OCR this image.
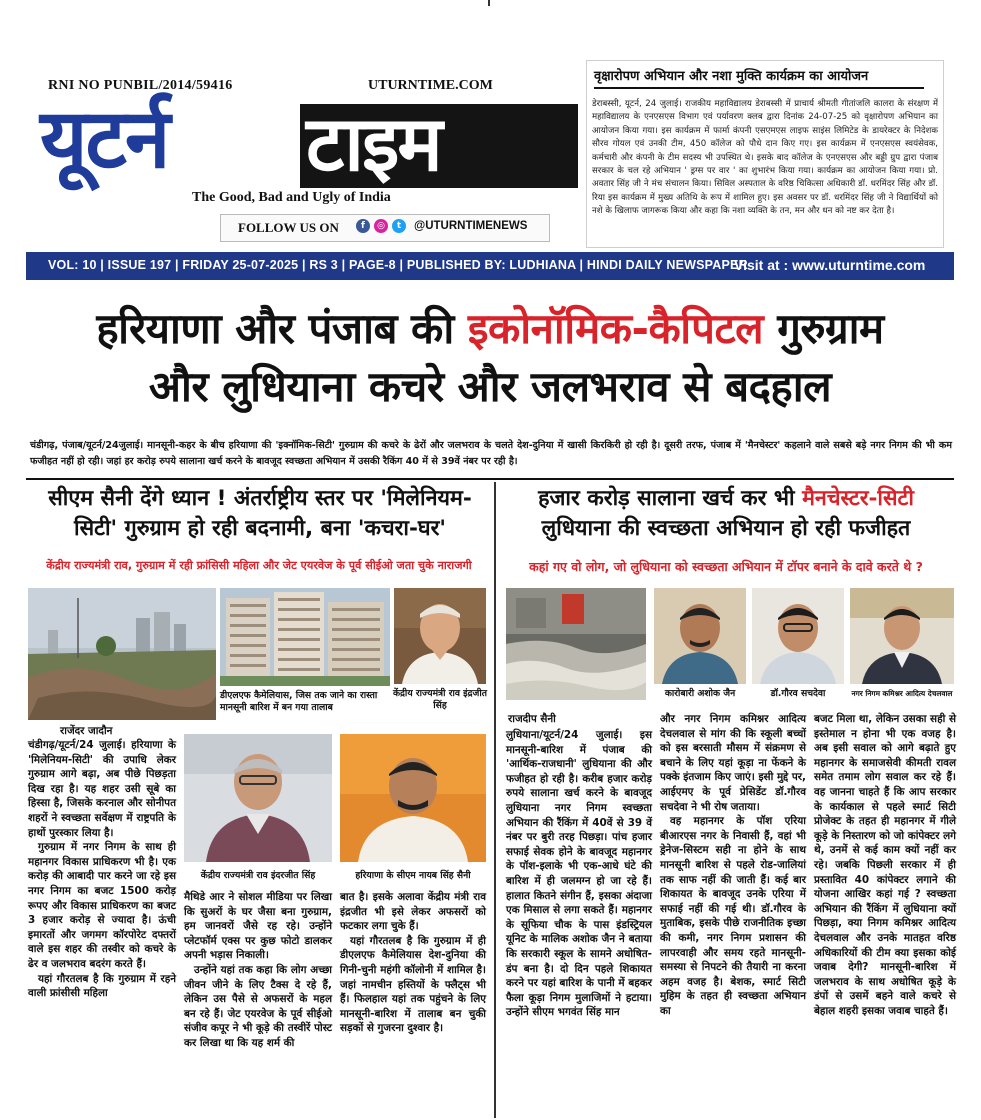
RNI NO PUNBIL/2014/59416	UTURNTIME.COM
यूटर्न टाइम
The Good, Bad and Ugly of India
FOLLOW US ON	f	◎	t	@UTURNTIMENEWS
वृक्षारोपण अभियान और नशा मुक्ति कार्यक्रम का आयोजन
डेराबस्सी, यूटर्न, 24 जुलाई। राजकीय महाविद्यालय डेराबस्सी में प्राचार्य श्रीमती गीतांजलि कालरा के संरक्षण में महाविद्यालय के एनएसएस विभाग एवं पर्यावरण क्लब द्वारा दिनांक 24-07-25 को वृक्षारोपण अभियान का आयोजन किया गया। इस कार्यक्रम में फार्मा कंपनी एसएमएस लाइफ साइंस लिमिटेड के डायरेक्टर के निदेशक सौरव गोयल एवं उनकी टीम, 450 कॉलेज को पौधे दान किए गए। इस कार्यक्रम में एनएसएस स्वयंसेवक, कर्मचारी और कंपनी के टीम सदस्य भी उपस्थित थे। इसके बाद कॉलेज के एनएसएस और बड्डी ग्रुप द्वारा पंजाब सरकार के चल रहे अभियान ' ड्रग्स पर वार ' का शुभारंभ किया गया। कार्यक्रम का आयोजन किया गया। प्रो. अवतार सिंह जी ने मंच संचालन किया। सिविल अस्पताल के वरिष्ठ चिकित्सा अधिकारी डॉ. धरमिंदर सिंह और डॉ. रिया इस कार्यक्रम में मुख्य अतिथि के रूप में शामिल हुए। इस अवसर पर डॉ. धरमिंदर सिंह जी ने विद्यार्थियों को नशे के खिलाफ जागरूक किया और कहा कि नशा व्यक्ति के तन, मन और धन को नष्ट कर देता है।
VOL: 10 | ISSUE 197 | FRIDAY 25-07-2025 | RS 3 | PAGE-8 | PUBLISHED BY: LUDHIANA | HINDI DAILY NEWSPAPER
Visit at : www.uturntime.com
हरियाणा और पंजाब की इकोनॉमिक-कैपिटल गुरुग्राम
और लुधियाना कचरे और जलभराव से बदहाल
चंडीगढ़, पंजाब/यूटर्न/24जुलाई। मानसूनी-कहर के बीच हरियाणा की 'इक्नॉमिक-सिटी' गुरुग्राम की कचरे के ढेरों और जलभराव के चलते देश-दुनिया में खासी किरकिरी हो रही है। दूसरी तरफ, पंजाब में 'मैनचेस्टर' कहलाने वाले सबसे बड़े नगर निगम की भी कम फजीहत नहीं हो रही। जहां हर करोड़ रुपये सालाना खर्च करने के बावजूद स्वच्छता अभियान में उसकी रैकिंग 40 में से 39वें नंबर पर रही है।
सीएम सैनी देंगे ध्यान ! अंतर्राष्ट्रीय स्तर पर 'मिलेनियम-
सिटी' गुरुग्राम हो रही बदनामी, बना 'कचरा-घर'
केंद्रीय राज्यमंत्री राव, गुरुग्राम में रही फ्रांसिसी महिला और जेट एयरवेज के पूर्व सीईओ जता चुके नाराजगी
हजार करोड़ सालाना खर्च कर भी मैनचेस्टर-सिटी
लुधियाना की स्वच्छता अभियान हो रही फजीहत
कहां गए वो लोग, जो लुधियाना को स्वच्छता अभियान में टॉपर बनाने के दावे करते थे ?
डीएलएफ कैमेलियास, जिस तक जाने का रास्ता मानसूनी बारिश में बन गया तालाब
केंद्रीय राज्यमंत्री राव इंद्रजीत सिंह
केंद्रीय राज्यमंत्री राव इंदरजीत सिंह	हरियाणा के सीएम नायब सिंह सैनी
राजेंदर जादौन

चंडीगढ़/यूटर्न/24 जुलाई। हरियाणा के 'मिलेनियम-सिटी' की उपाधि लेकर गुरुग्राम आगे बढ़ा, अब पीछे पिछड़ता दिख रहा है। यह शहर उसी सूबे का हिस्सा है, जिसके करनाल और सोनीपत शहरों ने स्वच्छता सर्वेक्षण में राष्ट्रपति के हाथों पुरस्कार लिया है।

गुरुग्राम में नगर निगम के साथ ही महानगर विकास प्राधिकरण भी है। एक करोड़ की आबादी पार करने जा रहे इस नगर निगम का बजट 1500 करोड़ रूपए और विकास प्राधिकरण का बजट 3 हजार करोड़ से ज्यादा है। ऊंची इमारतों और जगमग कॉरपोरेट दफ्तरों वाले इस शहर की तस्वीर को कचरे के ढेर व जलभराव बदरंग करते हैं।

यहां गौरतलब है कि गुरुग्राम में रहने वाली फ्रांसीसी महिला

मैथिडे आर ने सोशल मीडिया पर लिखा कि सुअरों के घर जैसा बना गुरुग्राम, हम जानवरों जैसे रह रहे। उन्होंने प्लेटफॉर्म एक्स पर कुछ फोटो डालकर अपनी भड़ास निकाली।

उन्होंने यहां तक कहा कि लोग अच्छा जीवन जीने के लिए टैक्स दे रहे हैं, लेकिन उस पैसे से अफसरों के महल बन रहे हैं। जेट एयरवेज के पूर्व सीईओ संजीव कपूर ने भी कूड़े की तस्वीरें पोस्ट कर लिखा था कि यह शर्म की

बात है। इसके अलावा केंद्रीय मंत्री राव इंद्रजीत भी इसे लेकर अफसरों को फटकार लगा चुके हैं।

यहां गौरतलब है कि गुरुग्राम में ही डीएलएफ कैमेलियास देश-दुनिया की गिनी-चुनी महंगी कॉलोनी में शामिल है। जहां नामचीन हस्तियों के फ्लैट्स भी हैं। फिलहाल यहां तक पहुंचने के लिए मानसूनी-बारिश में तालाब बन चुकी सड़कों से गुजरना दुश्वार है।

कारोबारी अशोक जैन	डॉ.गौरव सचदेवा	नगर निगम कमिश्नर आदित्य देचलवाल
राजदीप सैनी

लुधियाना/यूटर्न/24 जुलाई। इस मानसूनी-बारिश में पंजाब की 'आर्थिक-राजधानी' लुधियाना की और फजीहत हो रही है। करीब हजार करोड़ रुपये सालाना खर्च करने के बावजूद लुधियाना नगर निगम स्वच्छता अभियान की रैंकिंग में 40वें से 39 वें नंबर पर बुरी तरह पिछड़ा। पांच हजार सफाई सेवक होने के बावजूद महानगर के पॉश-इलाके भी एक-आधे घंटे की बारिश में ही जलमग्न हो जा रहे हैं। हालात कितने संगीन हैं, इसका अंदाजा एक मिसाल से लगा सकते हैं। महानगर के सूफिया चौक के पास इंडस्ट्रियल यूनिट के मालिक अशोक जैन ने बताया कि सरकारी स्कूल के सामने अधोषित-डंप बना है। दो दिन पहले शिकायत करने पर यहां बारिश के पानी में बहकर फैला कूड़ा निगम मुलाजिमों ने हटाया। उन्होंने सीएम भगवंत सिंह मान

और नगर निगम कमिश्नर आदित्य देचलवाल से मांग की कि स्कूली बच्चों को इस बरसाती मौसम में संक्रमण से बचाने के लिए यहां कूड़ा ना फेंकने के पक्के इंतजाम किए जाएं। इसी मुद्दे पर, आईएमए के पूर्व प्रेसिडेंट डॉ.गौरव सचदेवा ने भी रोष जताया।

वह महानगर के पॉश एरिया बीआरएस नगर के निवासी हैं, वहां भी ड्रेनेज-सिस्टम सही ना होने के साथ मानसूनी बारिश से पहले रोड-जालियां तक साफ नहीं की जाती हैं। कई बार शिकायत के बावजूद उनके एरिया में सफाई नहीं की गई थी। डॉ.गौरव के मुताबिक, इसके पीछे राजनीतिक इच्छा की कमी, नगर निगम प्रशासन की लापरवाही और समय रहते मानसूनी-समस्या से निपटने की तैयारी ना करना अहम वजह है। बेशक, स्मार्ट सिटी मुहिम के तहत ही स्वच्छता अभियान का

बजट मिला था, लेकिन उसका सही से इस्तेमाल न होना भी एक वजह है। अब इसी सवाल को आगे बढ़ाते हुए महानगर के समाजसेवी कीमती रावल समेत तमाम लोग सवाल कर रहे हैं। वह जानना चाहते हैं कि आप सरकार के कार्यकाल से पहले स्मार्ट सिटी प्रोजेक्ट के तहत ही महानगर में गीले कूड़े के निस्तारण को जो कांपेक्टर लगे थे, उनमें से कई काम क्यों नहीं कर रहे। जबकि पिछली सरकार में ही प्रस्तावित 40 कांपेक्टर लगाने की योजना आखिर कहां गई ? स्वच्छता अभियान की रैंकिंग में लुधियाना क्यों पिछड़ा, क्या निगम कमिश्नर आदित्य देचलवाल और उनके मातहत वरिष्ठ अधिकारियों की टीम क्या इसका कोई जवाब देगी? मानसूनी-बारिश में जलभराव के साथ अधोषित कूड़े के डंपों से उसमें बहने वाले कचरे से बेहाल शहरी इसका जवाब चाहते हैं।
